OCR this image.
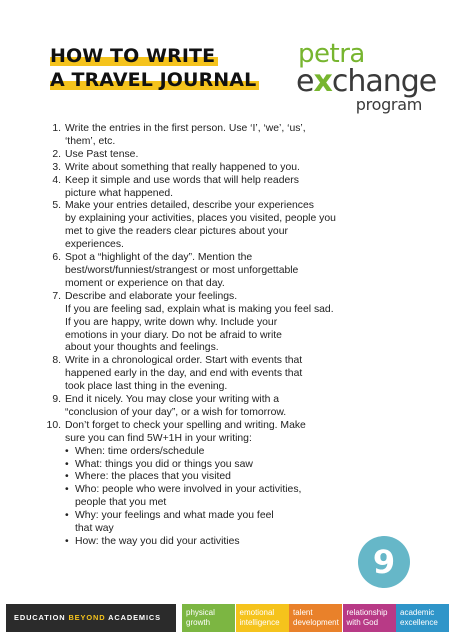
HOW TO WRITE
A TRAVEL JOURNAL
petra
exchange
program
1. Write the entries in the first person. Use ‘I’, ‘we’, ‘us’,
‘them’, etc.
2. Use Past tense.
3. Write about something that really happened to you.
4. Keep it simple and use words that will help readers
picture what happened.
5. Make your entries detailed, describe your experiences
by explaining your activities, places you visited, people you
met to give the readers clear pictures about your
experiences.
6. Spot a “highlight of the day”. Mention the
best/worst/funniest/strangest or most unforgettable
moment or experience on that day.
7. Describe and elaborate your feelings.
If you are feeling sad, explain what is making you feel sad.
If you are happy, write down why. Include your
emotions in your diary. Do not be afraid to write
about your thoughts and feelings.
8. Write in a chronological order. Start with events that
happened early in the day, and end with events that
took place last thing in the evening.
9. End it nicely. You may close your writing with a
“conclusion of your day”, or a wish for tomorrow.
10. Don’t forget to check your spelling and writing. Make
sure you can find 5W+1H in your writing:
• When: time orders/schedule
• What: things you did or things you saw
• Where: the places that you visited
• Who: people who were involved in your activities,
people that you met
• Why: your feelings and what made you feel
that way
• How: the way you did your activities
9
EDUCATION BEYOND ACADEMICS
physical
growth
emotional
intelligence
talent
development
relationship
with God
academic
excellence
